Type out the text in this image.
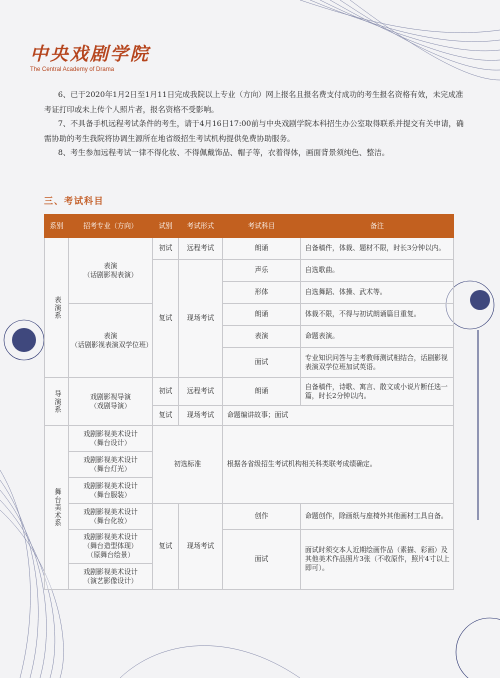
中央戏剧学院
The Central Academy of Drama

6、已于2020年1月2日至1月11日完成我院以上专业（方向）网上报名且报名费支付成功的考生报名资格有效，未完成准考证打印或未上传个人照片者，报名资格不受影响。

7、不具备手机远程考试条件的考生，请于4月16日17:00前与中央戏剧学院本科招生办公室取得联系并提交有关申请，确需协助的考生我院将协调生源所在地省级招生考试机构提供免费协助服务。

8、考生参加远程考试一律不得化妆、不得佩戴饰品、帽子等，衣着得体，画面背景须纯色、整洁。

三、考试科目
系别	招考专业（方向）	试别	考试形式	考试科目	备注
表演系	表演
（话剧影视表演）	初试	远程考试	朗诵	自备稿件，体裁、题材不限，时长3分钟以内。
		复试	现场考试	声乐	自选歌曲。
				形体	自选舞蹈、体操、武术等。
	表演
（话剧影视表演双学位班）			朗诵	体裁不限，不得与初试朗诵篇目重复。
				表演	命题表演。
				面试	专业知识问答与主考教师测试相结合，话剧影视表演双学位班加试英语。
导演系	戏剧影视导演
（戏剧导演）	初试	远程考试	朗诵	自备稿件，诗歌、寓言、散文或小说片断任选一篇，时长2分钟以内。
		复试	现场考试	命题编讲故事；面试	
舞台美术系	戏剧影视美术设计
（舞台设计）	初选标准		根据各省级招生考试机构相关科类联考成绩确定。	
	戏剧影视美术设计
（舞台灯光）				
	戏剧影视美术设计
（舞台服装）				
	戏剧影视美术设计
（舞台化妆）	复试	现场考试	创作	命题创作，除画纸与座椅外其他画材工具自备。
	戏剧影视美术设计
（舞台造型体现）
（原舞台绘景）			面试	面试时须交本人近期绘画作品（素描、彩画）及其他美术作品照片3张（不收原作，照片4寸以上即可）。
	戏剧影视美术设计
（演艺影像设计）				
